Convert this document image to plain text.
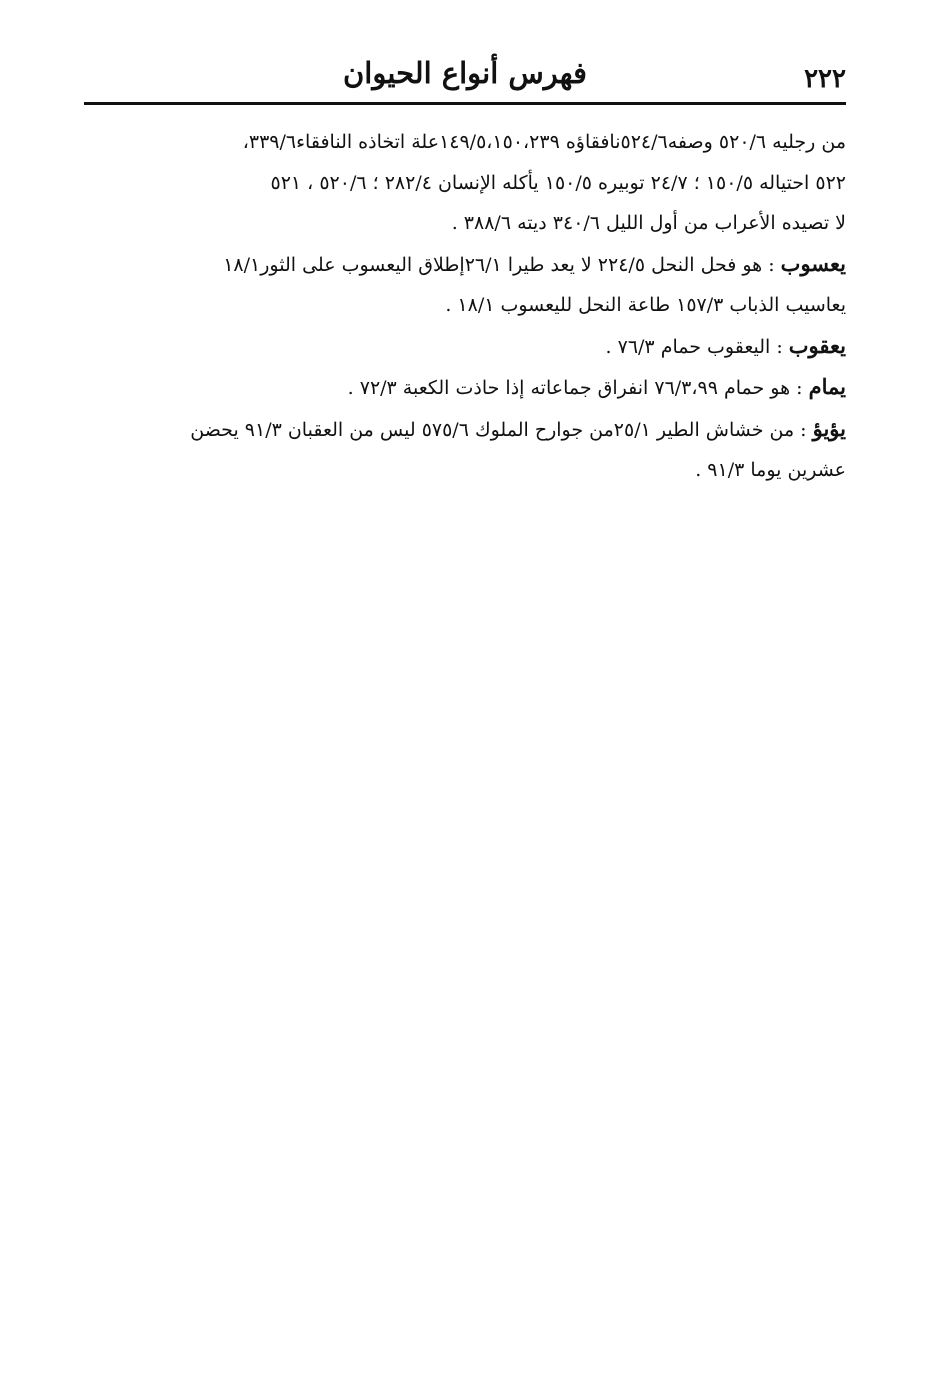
٢٢٢
فهرس أنواع الحيوان

من رجليه ٥٢٠/٦ وصفه٥٢٤/٦نافقاؤه ١٤٩/٥،١٥٠،٢٣٩علة اتخاذه النافقاء٣٣٩/٦،
٥٢٢ احتياله ١٥٠/٥ ؛ ٢٤/٧ توبيره ١٥٠/٥ يأكله الإنسان ٢٨٢/٤ ؛ ٥٢٠/٦ ، ٥٢١
لا تصيده الأعراب من أول الليل ٣٤٠/٦ ديته ٣٨٨/٦ .

يعسوب : هو فحل النحل ٢٢٤/٥ لا يعد طيرا ٢٦/١إطلاق اليعسوب على الثور١٨/١
يعاسيب الذباب ١٥٧/٣ طاعة النحل لليعسوب ١٨/١ .

يعقوب : اليعقوب حمام ٧٦/٣ .

يمام : هو حمام ٧٦/٣،٩٩ انفراق جماعاته إذا حاذت الكعبة ٧٢/٣ .

يؤيؤ : من خشاش الطير ٢٥/١من جوارح الملوك ٥٧٥/٦ ليس من العقبان ٩١/٣ يحضن
عشرين يوما ٩١/٣ .
